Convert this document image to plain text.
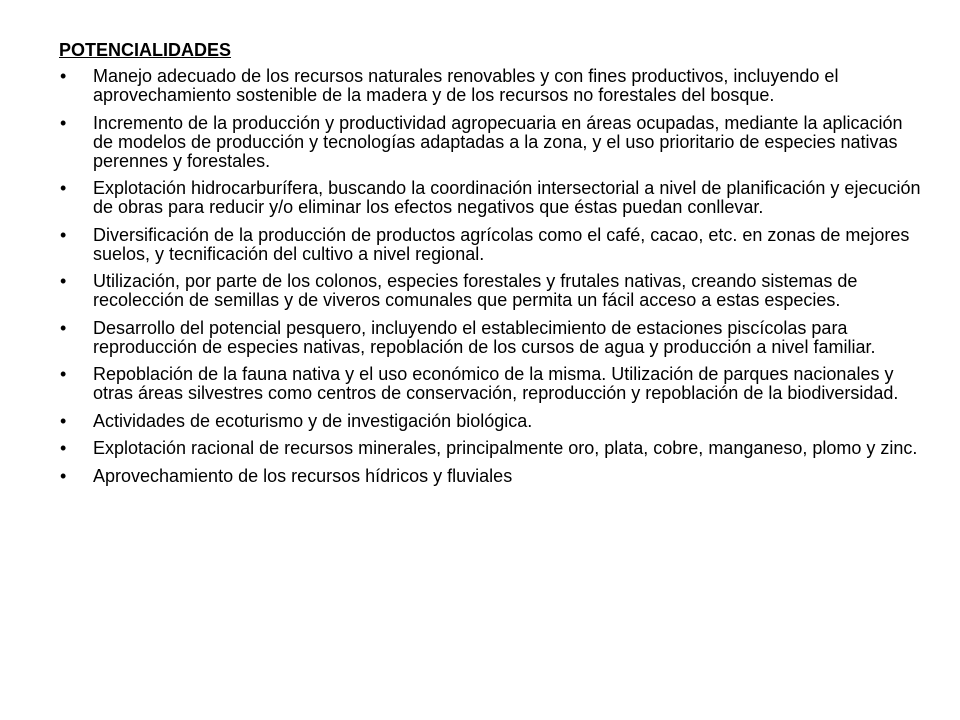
POTENCIALIDADES
• Manejo adecuado de los recursos naturales renovables y con fines productivos, incluyendo el aprovechamiento sostenible de la madera y de los recursos no forestales del bosque.
• Incremento de la producción y productividad agropecuaria en áreas ocupadas, mediante la aplicación de modelos de producción y tecnologías adaptadas a la zona, y el uso prioritario de especies nativas perennes y forestales.
• Explotación hidrocarburífera, buscando la coordinación intersectorial a nivel de planificación y ejecución de obras para reducir y/o eliminar los efectos negativos que éstas puedan conllevar.
• Diversificación de la producción de productos agrícolas como el café, cacao, etc. en zonas de mejores suelos, y tecnificación del cultivo a nivel regional.
• Utilización, por parte de los colonos, especies forestales y frutales nativas, creando sistemas de recolección de semillas y de viveros comunales que permita un fácil acceso a estas especies.
• Desarrollo del potencial pesquero, incluyendo el establecimiento de estaciones piscícolas para reproducción de especies nativas, repoblación de los cursos de agua y producción a nivel familiar.
• Repoblación de la fauna nativa y el uso económico de la misma. Utilización de parques nacionales y otras áreas silvestres como centros de conservación, reproducción y repoblación de la biodiversidad.
• Actividades de ecoturismo y de investigación biológica.
• Explotación racional de recursos minerales, principalmente oro, plata, cobre, manganeso, plomo y zinc.
• Aprovechamiento de los recursos hídricos y fluviales
